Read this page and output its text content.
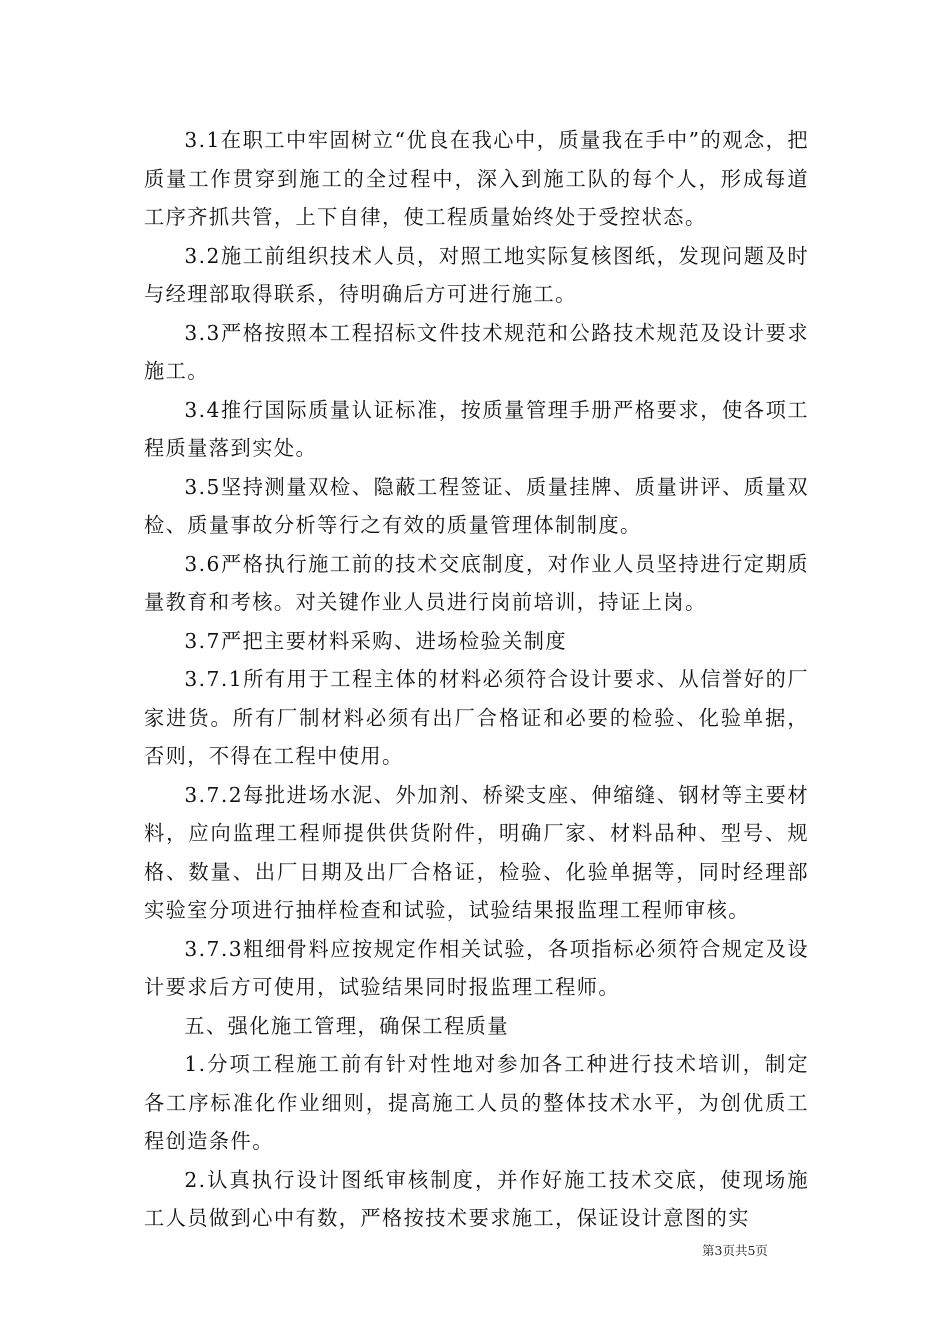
3.1在职工中牢固树立“优良在我心中，质量我在手中”的观念，把质量工作贯穿到施工的全过程中，深入到施工队的每个人，形成每道工序齐抓共管，上下自律，使工程质量始终处于受控状态。

3.2施工前组织技术人员，对照工地实际复核图纸，发现问题及时与经理部取得联系，待明确后方可进行施工。

3.3严格按照本工程招标文件技术规范和公路技术规范及设计要求施工。

3.4推行国际质量认证标准，按质量管理手册严格要求，使各项工程质量落到实处。

3.5坚持测量双检、隐蔽工程签证、质量挂牌、质量讲评、质量双检、质量事故分析等行之有效的质量管理体制制度。

3.6严格执行施工前的技术交底制度，对作业人员坚持进行定期质量教育和考核。对关键作业人员进行岗前培训，持证上岗。

3.7严把主要材料采购、进场检验关制度

3.7.1所有用于工程主体的材料必须符合设计要求、从信誉好的厂家进货。所有厂制材料必须有出厂合格证和必要的检验、化验单据，否则，不得在工程中使用。

3.7.2每批进场水泥、外加剂、桥梁支座、伸缩缝、钢材等主要材料，应向监理工程师提供供货附件，明确厂家、材料品种、型号、规格、数量、出厂日期及出厂合格证，检验、化验单据等，同时经理部实验室分项进行抽样检查和试验，试验结果报监理工程师审核。

3.7.3粗细骨料应按规定作相关试验，各项指标必须符合规定及设计要求后方可使用，试验结果同时报监理工程师。

五、强化施工管理，确保工程质量

1.分项工程施工前有针对性地对参加各工种进行技术培训，制定各工序标准化作业细则，提高施工人员的整体技术水平，为创优质工程创造条件。

2.认真执行设计图纸审核制度，并作好施工技术交底，使现场施工人员做到心中有数，严格按技术要求施工，保证设计意图的实

第3页共5页
